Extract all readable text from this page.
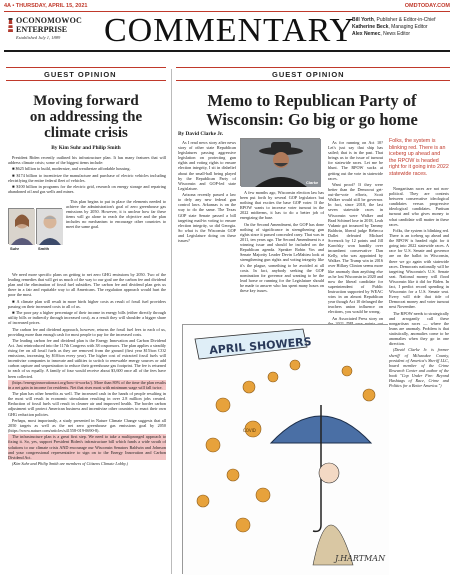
4A • THURSDAY, APRIL 15, 2021	OMDTODAY.COM
OCONOMOWOC
ENTERPRISE
Established July 1, 1889 COMMENTARY
Bill Yorth, Publisher & Editor-in-Chief
Katherine Beck, Managing Editor
Alex Nemec, News Editor
GUEST OPINION
Moving forward on addressing the climate crisis
By Kim Suhr and Philip Smith

President Biden recently outlined his infrastructure plan. It has many features that will address climate crisis; some of the biggest items include:

■ $625 billion to build, modernize, and weatherize affordable housing.

■ $174 billion to incentivize the manufacture and purchase of electric vehicles including electrifying the entire federal fleet of vehicles.

■ $100 billion in programs for the electric grid, research on energy storage and repairing abandoned oil and gas wells and mines.

Suhr	Smith

This plan begins to put in place the elements needed to achieve the administration's goal of zero greenhouse gas emissions by 2050. However, it is unclear how far these items will go alone to reach the objective and the plan includes no mechanism to encourage other countries to meet the same goal.

We need more specific plans on getting to net zero GHG emissions by 2050. Two of the leading remedies that will get us much of the way to our goal are the carbon fee and dividend plan and the elimination of fossil fuel subsidies. The carbon fee and dividend plan gets us there in a fair and equitable way to all Americans. The regulation approach would hurt the poor the most.

■ A climate plan will result in more birds higher costs as result of fossil fuel providers passing on their increased costs to all of us.

■ The poor pay a higher percentage of their income in energy bills (either directly through utility bills or indirectly through increased cost), as a result they will shoulder a bigger share of increased prices.

The carbon fee and dividend approach, however, returns the fossil fuel fees to each of us, providing more than enough cash for most people to pay for the increased costs.

The leading carbon fee and dividend plan is the Energy Innovation and Carbon Dividend Act. Just reintroduced into the 117th Congress with 38 cosponsors. The plan applies a steadily rising fee on all fossil fuels as they are removed from the ground (first year $15/ton CO2 emissions, increasing by $10/ton every year). The higher cost of extracted fossil fuels will incentivize companies to innovate and utilities to switch to renewable energy sources or add carbon capture and sequestration to reduce their greenhouse gas footprint. The fee is returned to each of us equally. A family of four would receive about $3,600 once all of the fees have been collected.

(https://energyinnovationact.org/how-it-works/). More than 80% of the time the plan results in a net gain in income for residents. Net that rises most with minimum wage will fall twice.

The plan has other benefits as well. The increased cash in the hands of people resulting in the most will result in economic stimulation resulting in over 2.8 million jobs created. Reduction of fossil fuels will result in cleaner air and improved health. The border carbon adjustment will protect American business and incentivize other countries to enact their own GHG reduction policies.

Perhaps, most importantly, a study presented in Nature Climate Change suggests that all 2050 targets as well as the net zero greenhouse gas emissions goal by 2050 (https://www.nature.com/articles/s41558-019-0690-8).

The infrastructure plan is a great first step. We need to take a multipronged approach to fixing it. So, yes, support President Biden's infrastructure bill which funds a wide swath of solutions to our climate crisis AND encourage our Wisconsin Senators Baldwin and Johnson and your congressional representative to sign on to the Energy Innovation and Carbon Dividend Act.

(Kim Suhr and Philip Smith are members of Citizens Climate Lobby.)

GUEST OPINION
Memo to Republican Party of Wisconsin: Go big or go home
By David Clarke Jr.

As I read news story after news story of other state Republican legislatures passing aggressive legislation on protecting gun rights and voting rights to ensure election integrity, I sit in disbelief about the small-ball being played by the Republican Party of Wisconsin and GOP-led state Legislature.

Arizona recently passed a law to defy any new federal gun control laws. Arkansas is on the way to do the same. The Texas GOP state Senate passed a bill targeting mail-in voting to ensure election integrity, so did Georgia. So what is the Wisconsin GOP and Legislature doing on these issues?

Clarke

A few months ago, Wisconsin election law has been put forth by several GOP legislators but nothing that excites the base GOP voter. If the RPOW wants to increase voter turnout in the 2022 midterms, it has to do a better job of energizing the base.

On the Second Amendment, the GOP has done nothing of significance in strengthening gun rights since it passed concealed carry. That was in 2011, ten years ago. The Second Amendment is a winning issue and should be included on the Republican agenda. Speaker Robin Vos and Senate Majority Leader Devin LeMahieu look at strengthening gun rights and voting integrity like it's the plague, something to be avoided at all costs. In fact, anybody seeking the GOP nomination for governor and wanting to be the lead horse or running for the Legislature should be made to answer who has spent many hours on these key issues.

As for running on Act 10? Let's just say that ship has sailed; that is in the past. That brings us to the issue of turnout for statewide races. Let me be blunt. The RPOW sucks at getting out the vote in statewide races.

Want proof? If they were better than the Democrat get-out-the-vote efforts, Scott Walker would still be governor. In fact, since 2018, the last seven statewide races in Wisconsin were Walker and Brad Schimel lose in 2018, Leah Vukmir got trounced by Tammy Baldwin, liberal judge Rebecca Dallet defeated Michael Screnock by 12 points and Jill Karofsky won handily over incumbent conservative Dan Kelly, who was appointed by Walker. The Trump win in 2016 over Hillary Clinton seems more like anomaly than anything else as he lost Wisconsin in 2020 and now the liberal candidate for superintendent of Public Instruction supported by WEAC wins in an almost Republican year though Act 10 defanged the teachers union influence on elections, you would be wrong.

An Associated Press story on

Folks, the system is blinking red. There is an iceberg up ahead and the RPOW is headed right for it going into 2022 statewide races.

Nongartisan races are not non-political. They are contests between conservative ideological candidates versus progressive ideological candidates. Partisan turnout and who gives money to what candidate will matter in these races.

Folks, the system is blinking red. There is an iceberg up ahead and the RPOW is headed right for it going into 2022 statewide races. A race for U.S. Senate and governor are on the ballot in Wisconsin, there we go again with statewide races. Democrats nationally will be targeting Wisconsin's U.S. Senate seat. National money will flood Wisconsin like it did for Biden. In fact, I predict record spending in Wisconsin for a U.S. Senate seat. Every will ride that tide of Democrat money and voter turnout next November.

The RPOW needs to strategically and arrogantly call these nongartisan races — where the leans are anomaly. Problem is that statistically, anomalies come to be anomalies when they go in one direction.

(David Clarke Jr. is former sheriff of Milwaukee County, president of America's Sheriff LLC, board member of the Crime Research Center and author of the book "Cop Under Fire: Beyond Hashtags of Race, Crime and Politics for a Better America.")

APRIL SHOWERS
COVID
J.HARTMAN
